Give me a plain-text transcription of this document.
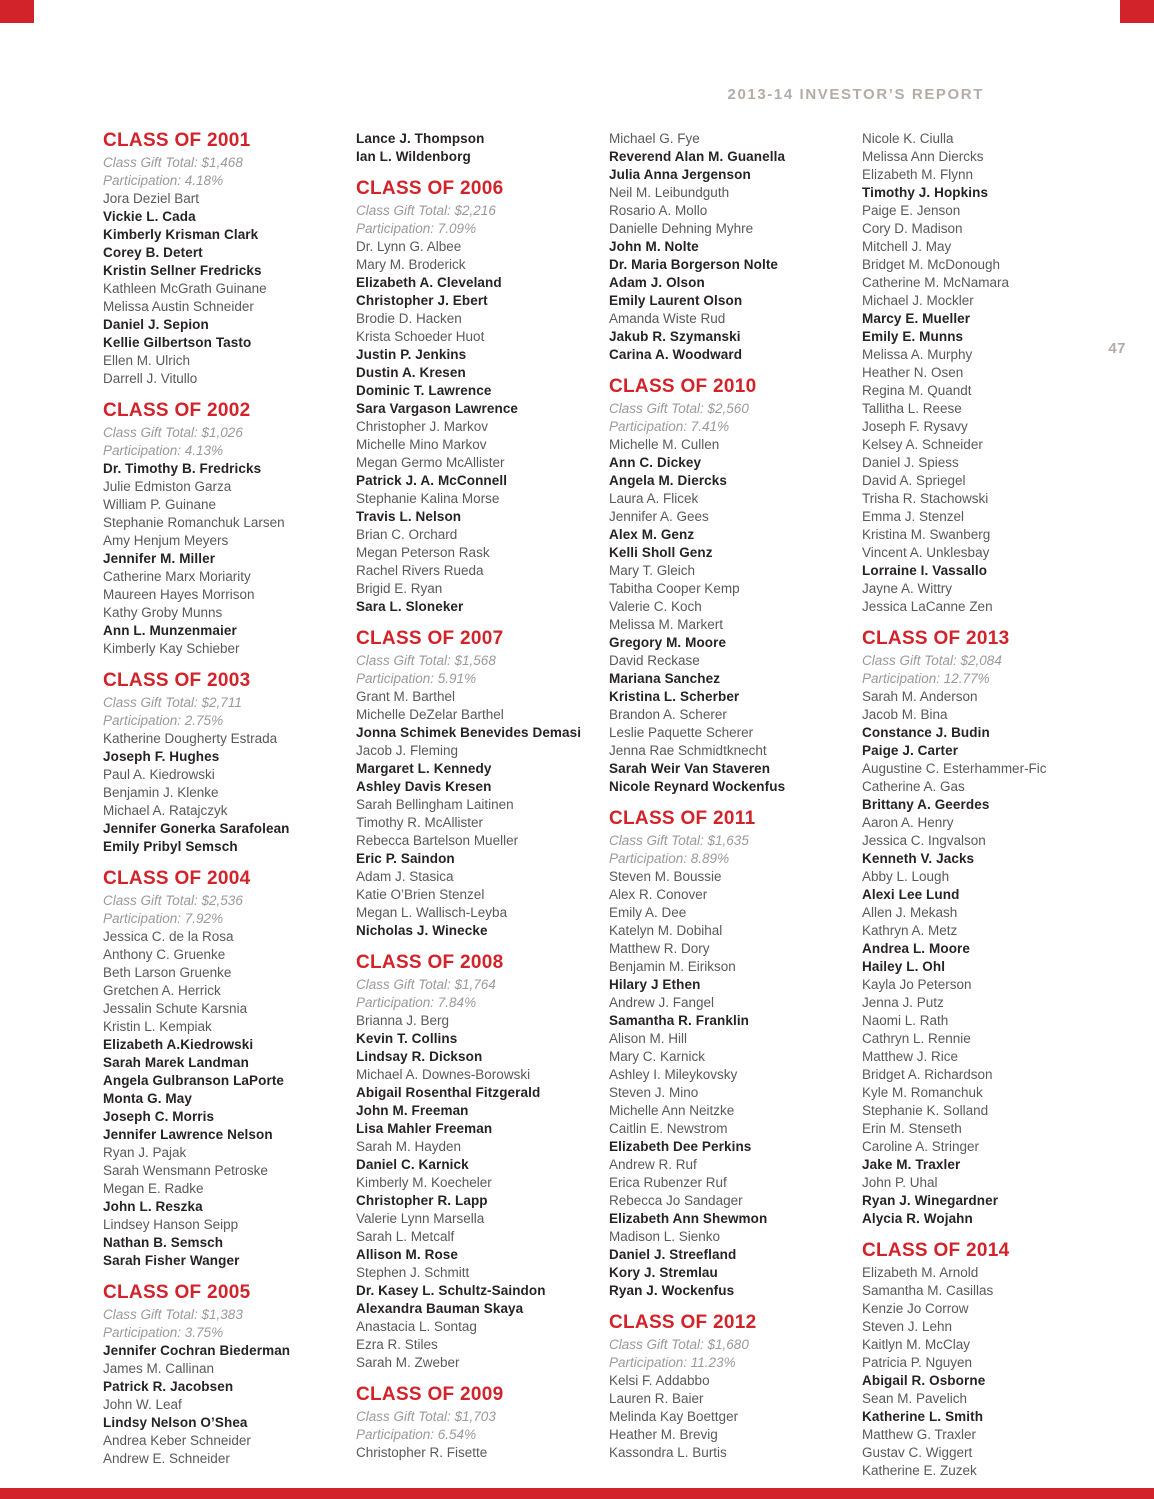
2013-14 INVESTOR’S REPORT
47
CLASS OF 2001
Class Gift Total: $1,468
Participation: 4.18%
Jora Deziel Bart
Vickie L. Cada
Kimberly Krisman Clark
Corey B. Detert
Kristin Sellner Fredricks
Kathleen McGrath Guinane
Melissa Austin Schneider
Daniel J. Sepion
Kellie Gilbertson Tasto
Ellen M. Ulrich
Darrell J. Vitullo
CLASS OF 2002
Class Gift Total: $1,026
Participation: 4.13%
Dr. Timothy B. Fredricks
Julie Edmiston Garza
William P. Guinane
Stephanie Romanchuk Larsen
Amy Henjum Meyers
Jennifer M. Miller
Catherine Marx Moriarity
Maureen Hayes Morrison
Kathy Groby Munns
Ann L. Munzenmaier
Kimberly Kay Schieber
CLASS OF 2003
Class Gift Total: $2,711
Participation: 2.75%
Katherine Dougherty Estrada
Joseph F. Hughes
Paul A. Kiedrowski
Benjamin J. Klenke
Michael A. Ratajczyk
Jennifer Gonerka Sarafolean
Emily Pribyl Semsch
CLASS OF 2004
Class Gift Total: $2,536
Participation: 7.92%
Jessica C. de la Rosa
Anthony C. Gruenke
Beth Larson Gruenke
Gretchen A. Herrick
Jessalin Schute Karsnia
Kristin L. Kempiak
Elizabeth A.Kiedrowski
Sarah Marek Landman
Angela Gulbranson LaPorte
Monta G. May
Joseph C. Morris
Jennifer Lawrence Nelson
Ryan J. Pajak
Sarah Wensmann Petroske
Megan E. Radke
John L. Reszka
Lindsey Hanson Seipp
Nathan B. Semsch
Sarah Fisher Wanger
CLASS OF 2005
Class Gift Total: $1,383
Participation: 3.75%
Jennifer Cochran Biederman
James M. Callinan
Patrick R. Jacobsen
John W. Leaf
Lindsy Nelson O’Shea
Andrea Keber Schneider
Andrew E. Schneider
Lance J. Thompson
Ian L. Wildenborg
CLASS OF 2006
Class Gift Total: $2,216
Participation: 7.09%
Dr. Lynn G. Albee
Mary M. Broderick
Elizabeth A. Cleveland
Christopher J. Ebert
Brodie D. Hacken
Krista Schoeder Huot
Justin P. Jenkins
Dustin A. Kresen
Dominic T. Lawrence
Sara Vargason Lawrence
Christopher J. Markov
Michelle Mino Markov
Megan Germo McAllister
Patrick J. A. McConnell
Stephanie Kalina Morse
Travis L. Nelson
Brian C. Orchard
Megan Peterson Rask
Rachel Rivers Rueda
Brigid E. Ryan
Sara L. Sloneker
CLASS OF 2007
Class Gift Total: $1,568
Participation: 5.91%
Grant M. Barthel
Michelle DeZelar Barthel
Jonna Schimek Benevides Demasi
Jacob J. Fleming
Margaret L. Kennedy
Ashley Davis Kresen
Sarah Bellingham Laitinen
Timothy R. McAllister
Rebecca Bartelson Mueller
Eric P. Saindon
Adam J. Stasica
Katie O’Brien Stenzel
Megan L. Wallisch-Leyba
Nicholas J. Winecke
CLASS OF 2008
Class Gift Total: $1,764
Participation: 7.84%
Brianna J. Berg
Kevin T. Collins
Lindsay R. Dickson
Michael A. Downes-Borowski
Abigail Rosenthal Fitzgerald
John M. Freeman
Lisa Mahler Freeman
Sarah M. Hayden
Daniel C. Karnick
Kimberly M. Koecheler
Christopher R. Lapp
Valerie Lynn Marsella
Sarah L. Metcalf
Allison M. Rose
Stephen J. Schmitt
Dr. Kasey L. Schultz-Saindon
Alexandra Bauman Skaya
Anastacia L. Sontag
Ezra R. Stiles
Sarah M. Zweber
CLASS OF 2009
Class Gift Total: $1,703
Participation: 6.54%
Christopher R. Fisette
Michael G. Fye
Reverend Alan M. Guanella
Julia Anna Jergenson
Neil M. Leibundguth
Rosario A. Mollo
Danielle Dehning Myhre
John M. Nolte
Dr. Maria Borgerson Nolte
Adam J. Olson
Emily Laurent Olson
Amanda Wiste Rud
Jakub R. Szymanski
Carina A. Woodward
CLASS OF 2010
Class Gift Total: $2,560
Participation: 7.41%
Michelle M. Cullen
Ann C. Dickey
Angela M. Diercks
Laura A. Flicek
Jennifer A. Gees
Alex M. Genz
Kelli Sholl Genz
Mary T. Gleich
Tabitha Cooper Kemp
Valerie C. Koch
Melissa M. Markert
Gregory M. Moore
David Reckase
Mariana Sanchez
Kristina L. Scherber
Brandon A. Scherer
Leslie Paquette Scherer
Jenna Rae Schmidtknecht
Sarah Weir Van Staveren
Nicole Reynard Wockenfus
CLASS OF 2011
Class Gift Total: $1,635
Participation: 8.89%
Steven M. Boussie
Alex R. Conover
Emily A. Dee
Katelyn M. Dobihal
Matthew R. Dory
Benjamin M. Eirikson
Hilary J Ethen
Andrew J. Fangel
Samantha R. Franklin
Alison M. Hill
Mary C. Karnick
Ashley I. Mileykovsky
Steven J. Mino
Michelle Ann Neitzke
Caitlin E. Newstrom
Elizabeth Dee Perkins
Andrew R. Ruf
Erica Rubenzer Ruf
Rebecca Jo Sandager
Elizabeth Ann Shewmon
Madison L. Sienko
Daniel J. Streefland
Kory J. Stremlau
Ryan J. Wockenfus
CLASS OF 2012
Class Gift Total: $1,680
Participation: 11.23%
Kelsi F. Addabbo
Lauren R. Baier
Melinda Kay Boettger
Heather M. Brevig
Kassondra L. Burtis
Nicole K. Ciulla
Melissa Ann Diercks
Elizabeth M. Flynn
Timothy J. Hopkins
Paige E. Jenson
Cory D. Madison
Mitchell J. May
Bridget M. McDonough
Catherine M. McNamara
Michael J. Mockler
Marcy E. Mueller
Emily E. Munns
Melissa A. Murphy
Heather N. Osen
Regina M. Quandt
Tallitha L. Reese
Joseph F. Rysavy
Kelsey A. Schneider
Daniel J. Spiess
David A. Spriegel
Trisha R. Stachowski
Emma J. Stenzel
Kristina M. Swanberg
Vincent A. Unklesbay
Lorraine I. Vassallo
Jayne A. Wittry
Jessica LaCanne Zen
CLASS OF 2013
Class Gift Total: $2,084
Participation: 12.77%
Sarah M. Anderson
Jacob M. Bina
Constance J. Budin
Paige J. Carter
Augustine C. Esterhammer-Fic
Catherine A. Gas
Brittany A. Geerdes
Aaron A. Henry
Jessica C. Ingvalson
Kenneth V. Jacks
Abby L. Lough
Alexi Lee Lund
Allen J. Mekash
Kathryn A. Metz
Andrea L. Moore
Hailey L. Ohl
Kayla Jo Peterson
Jenna J. Putz
Naomi L. Rath
Cathryn L. Rennie
Matthew J. Rice
Bridget A. Richardson
Kyle M. Romanchuk
Stephanie K. Solland
Erin M. Stenseth
Caroline A. Stringer
Jake M. Traxler
John P. Uhal
Ryan J. Winegardner
Alycia R. Wojahn
CLASS OF 2014
Elizabeth M. Arnold
Samantha M. Casillas
Kenzie Jo Corrow
Steven J. Lehn
Kaitlyn M. McClay
Patricia P. Nguyen
Abigail R. Osborne
Sean M. Pavelich
Katherine L. Smith
Matthew G. Traxler
Gustav C. Wiggert
Katherine E. Zuzek
